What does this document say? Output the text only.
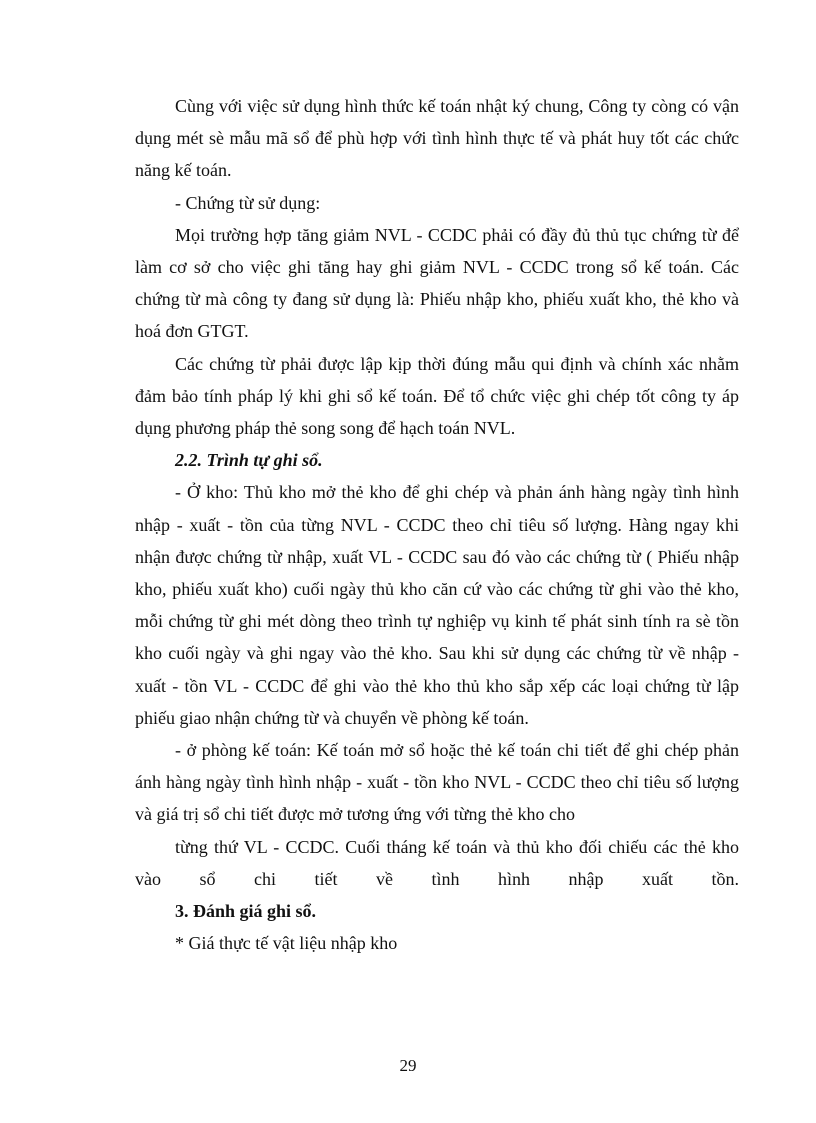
Cùng với việc sử dụng hình thức kế toán nhật ký chung, Công ty còng có vận dụng mét sè mẫu mã sổ để phù hợp với tình hình thực tế và phát huy tốt các chức năng kế toán.

- Chứng từ sử dụng:

Mọi trường hợp tăng giảm NVL - CCDC phải có đầy đủ thủ tục chứng từ để làm cơ sở cho việc ghi tăng hay ghi giảm NVL - CCDC trong sổ kế toán. Các chứng từ mà công ty đang sử dụng là: Phiếu nhập kho, phiếu xuất kho, thẻ kho và hoá đơn GTGT.

Các chứng từ phải được lập kịp thời đúng mẫu qui định và chính xác nhằm đảm bảo tính pháp lý khi ghi sổ kế toán. Để tổ chức việc ghi chép tốt công ty áp dụng phương pháp thẻ song song để hạch toán NVL.

2.2. Trình tự ghi sổ.

- Ở kho: Thủ kho mở thẻ kho để ghi chép và phản ánh hàng ngày tình hình nhập - xuất - tồn của từng NVL - CCDC theo chỉ tiêu số lượng. Hàng ngay khi nhận được chứng từ nhập, xuất VL - CCDC sau đó vào các chứng từ ( Phiếu nhập kho, phiếu xuất kho) cuối ngày thủ kho căn cứ vào các chứng từ ghi vào thẻ kho, mỗi chứng từ ghi mét dòng theo trình tự nghiệp vụ kinh tế phát sinh tính ra sè tồn kho cuối ngày và ghi ngay vào thẻ kho. Sau khi sử dụng các chứng từ về nhập - xuất - tồn VL - CCDC để ghi vào thẻ kho thủ kho sắp xếp các loại chứng từ lập phiếu giao nhận chứng từ và chuyển về phòng kế toán.

- ở phòng kế toán: Kế toán mở sổ hoặc thẻ kế toán chi tiết để ghi chép phản ánh hàng ngày tình hình nhập - xuất - tồn kho NVL - CCDC theo chỉ tiêu số lượng và giá trị sổ chi tiết được mở tương ứng với từng thẻ kho cho

từng thứ VL - CCDC. Cuối tháng kế toán và thủ kho đối chiếu các thẻ kho vào sổ chi tiết về tình hình nhập xuất tồn.

3. Đánh giá ghi sổ.

* Giá thực tế vật liệu nhập kho

29
